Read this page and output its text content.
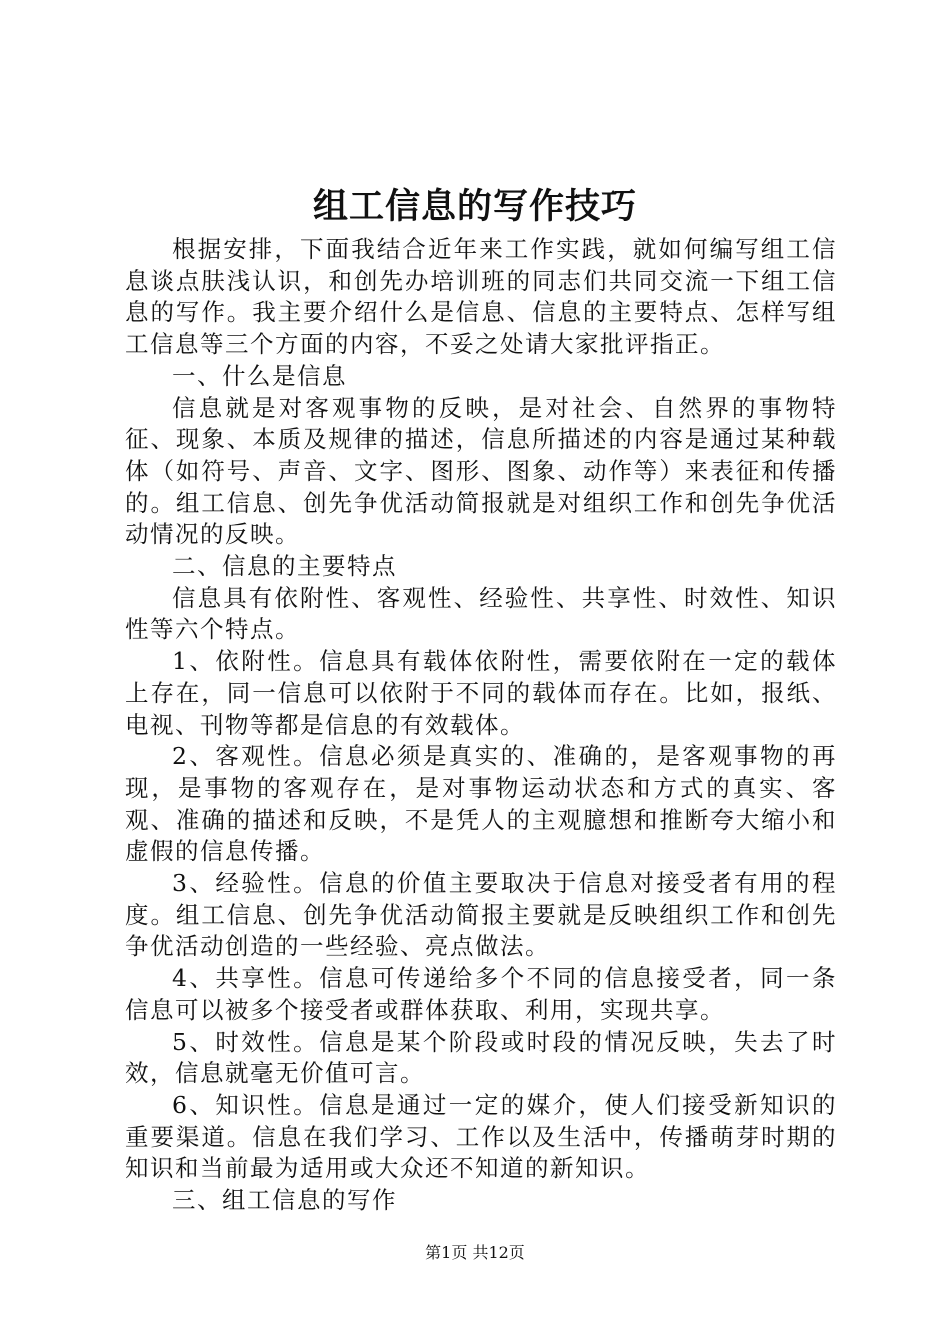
组工信息的写作技巧

根据安排，下面我结合近年来工作实践，就如何编写组工信息谈点肤浅认识，和创先办培训班的同志们共同交流一下组工信息的写作。我主要介绍什么是信息、信息的主要特点、怎样写组工信息等三个方面的内容，不妥之处请大家批评指正。

一、什么是信息

信息就是对客观事物的反映，是对社会、自然界的事物特征、现象、本质及规律的描述，信息所描述的内容是通过某种载体（如符号、声音、文字、图形、图象、动作等）来表征和传播的。组工信息、创先争优活动简报就是对组织工作和创先争优活动情况的反映。

二、信息的主要特点

信息具有依附性、客观性、经验性、共享性、时效性、知识性等六个特点。

1、依附性。信息具有载体依附性，需要依附在一定的载体上存在，同一信息可以依附于不同的载体而存在。比如，报纸、电视、刊物等都是信息的有效载体。

2、客观性。信息必须是真实的、准确的，是客观事物的再现，是事物的客观存在，是对事物运动状态和方式的真实、客观、准确的描述和反映，不是凭人的主观臆想和推断夸大缩小和虚假的信息传播。

3、经验性。信息的价值主要取决于信息对接受者有用的程度。组工信息、创先争优活动简报主要就是反映组织工作和创先争优活动创造的一些经验、亮点做法。

4、共享性。信息可传递给多个不同的信息接受者，同一条信息可以被多个接受者或群体获取、利用，实现共享。

5、时效性。信息是某个阶段或时段的情况反映，失去了时效，信息就毫无价值可言。

6、知识性。信息是通过一定的媒介，使人们接受新知识的重要渠道。信息在我们学习、工作以及生活中，传播萌芽时期的知识和当前最为适用或大众还不知道的新知识。

三、组工信息的写作

第1页 共12页
